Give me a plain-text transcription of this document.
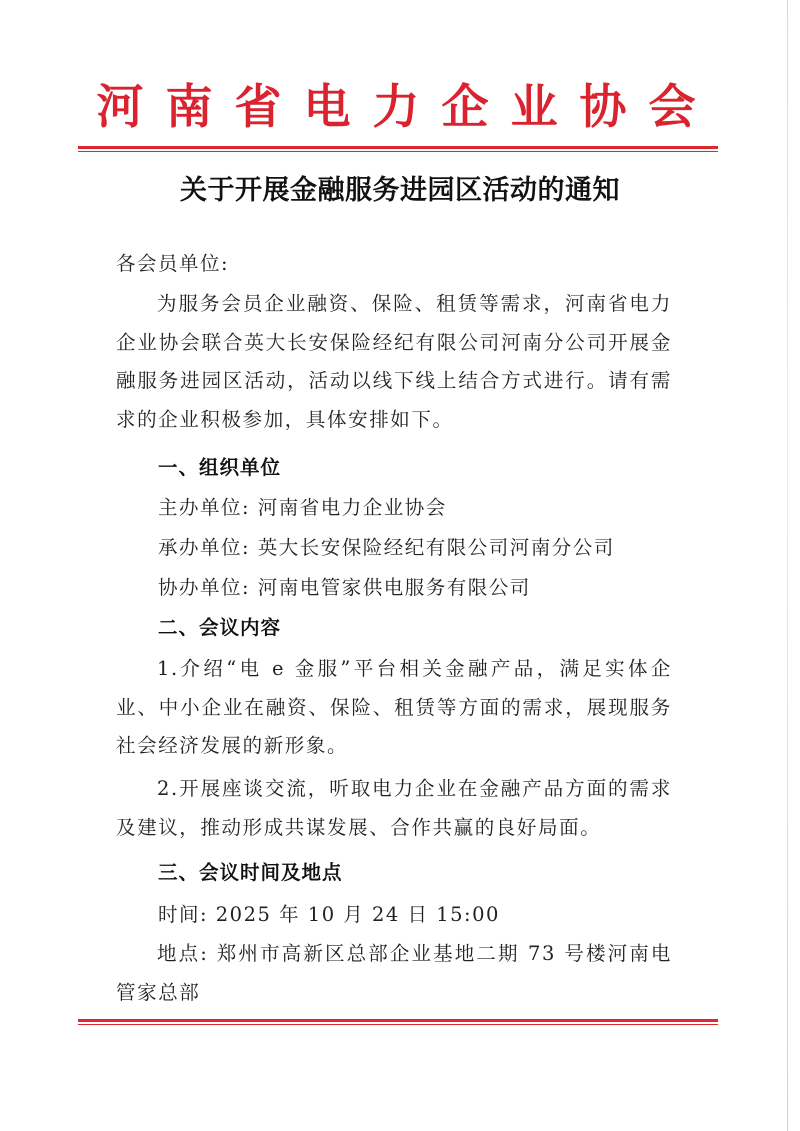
河南省电力企业协会
关于开展金融服务进园区活动的通知
各会员单位:
为服务会员企业融资、保险、租赁等需求，河南省电力企业协会联合英大长安保险经纪有限公司河南分公司开展金融服务进园区活动，活动以线下线上结合方式进行。请有需求的企业积极参加，具体安排如下。
一、组织单位
主办单位: 河南省电力企业协会
承办单位: 英大长安保险经纪有限公司河南分公司
协办单位: 河南电管家供电服务有限公司
二、会议内容
1.介绍“电 e 金服”平台相关金融产品，满足实体企业、中小企业在融资、保险、租赁等方面的需求，展现服务社会经济发展的新形象。
2.开展座谈交流，听取电力企业在金融产品方面的需求及建议，推动形成共谋发展、合作共赢的良好局面。
三、会议时间及地点
时间: 2025 年 10 月 24 日 15:00
地点: 郑州市高新区总部企业基地二期 73 号楼河南电管家总部
